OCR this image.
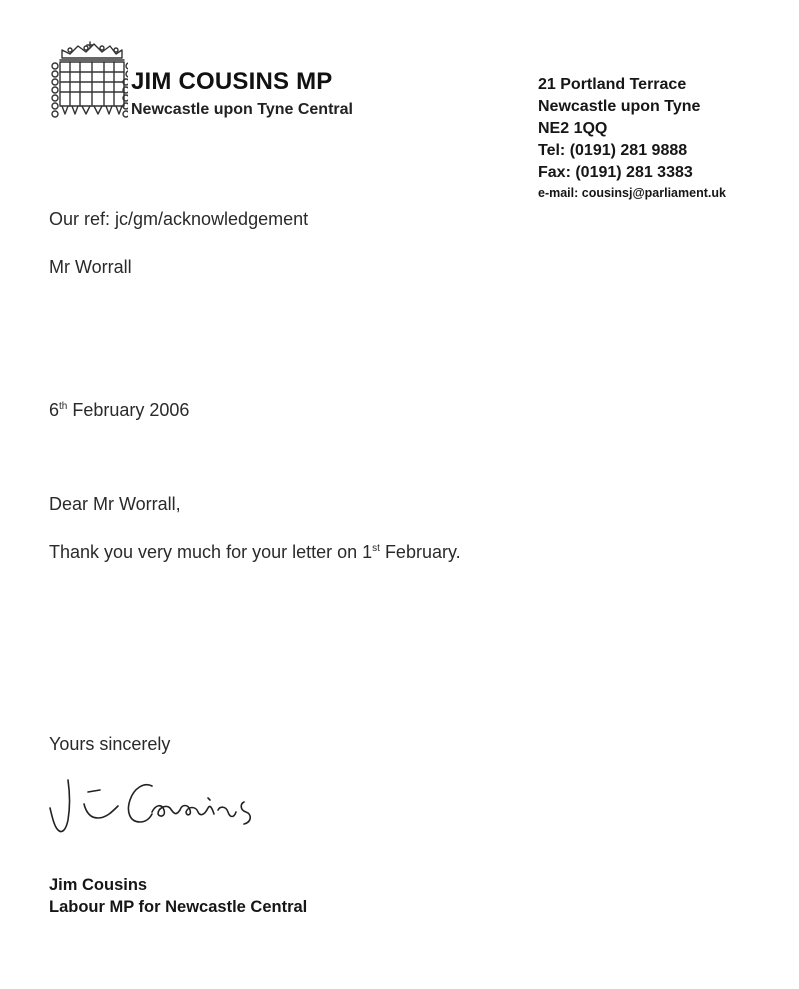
JIM COUSINS MP
Newcastle upon Tyne Central
21 Portland Terrace
Newcastle upon Tyne
NE2 1QQ
Tel: (0191) 281 9888
Fax: (0191) 281 3383
e-mail: cousinsj@parliament.uk
Our ref: jc/gm/acknowledgement
Mr Worrall
6th February 2006
Dear Mr Worrall,
Thank you very much for your letter on 1st February.
Yours sincerely
Jim Cousins
Labour MP for Newcastle Central
